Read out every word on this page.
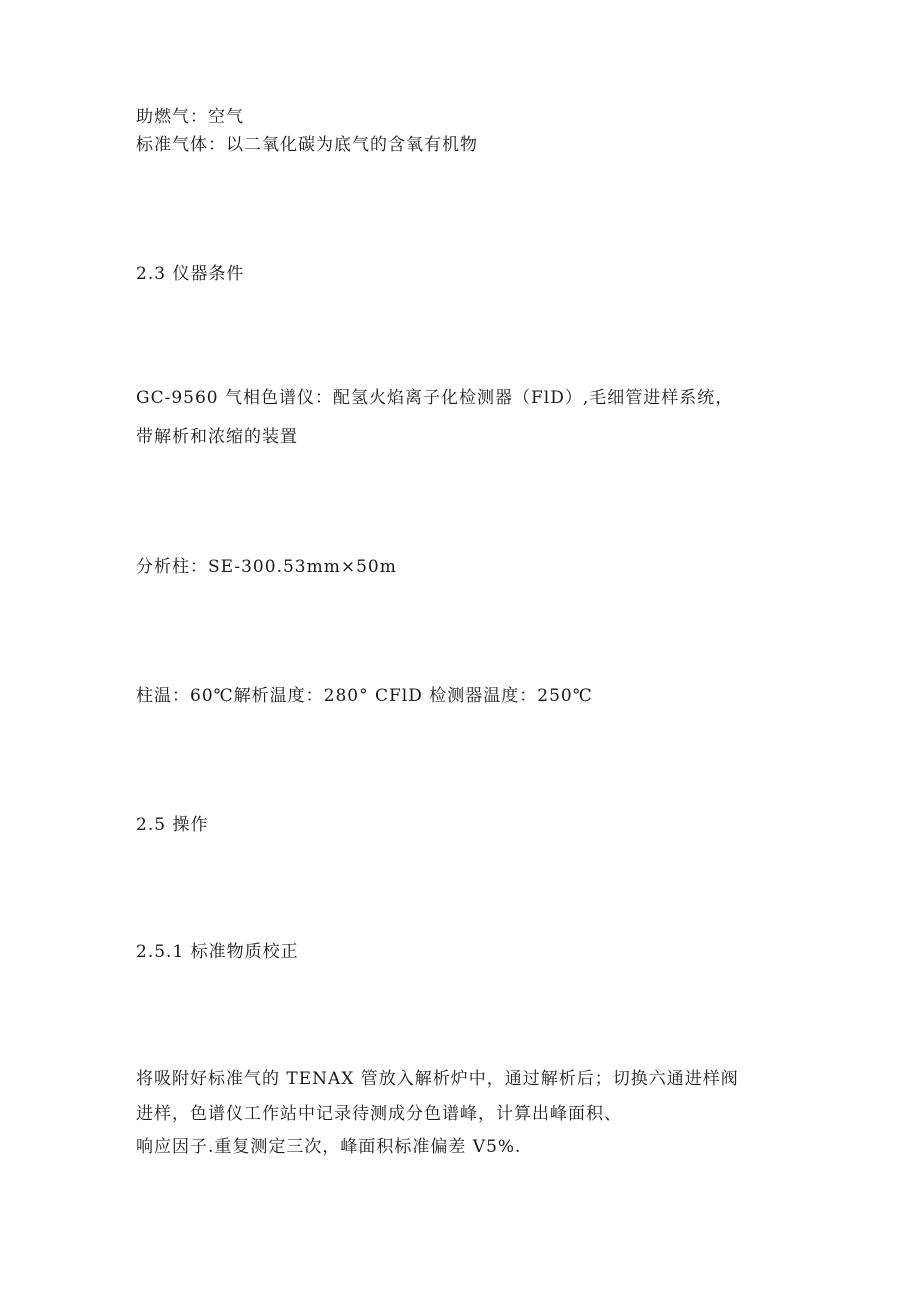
助燃气：空气
标准气体：以二氧化碳为底气的含氧有机物
2.3 仪器条件
GC-9560 气相色谱仪：配氢火焰离子化检测器（FlD）,毛细管进样系统，
带解析和浓缩的装置
分析柱：SE-300.53mm×50m
柱温：60℃解析温度：280° CFlD 检测器温度：250℃
2.5 操作
2.5.1 标准物质校正
将吸附好标准气的 TENAX 管放入解析炉中，通过解析后；切换六通进样阀
进样，色谱仪工作站中记录待测成分色谱峰，计算出峰面积、
响应因子.重复测定三次，峰面积标准偏差 V5%.
